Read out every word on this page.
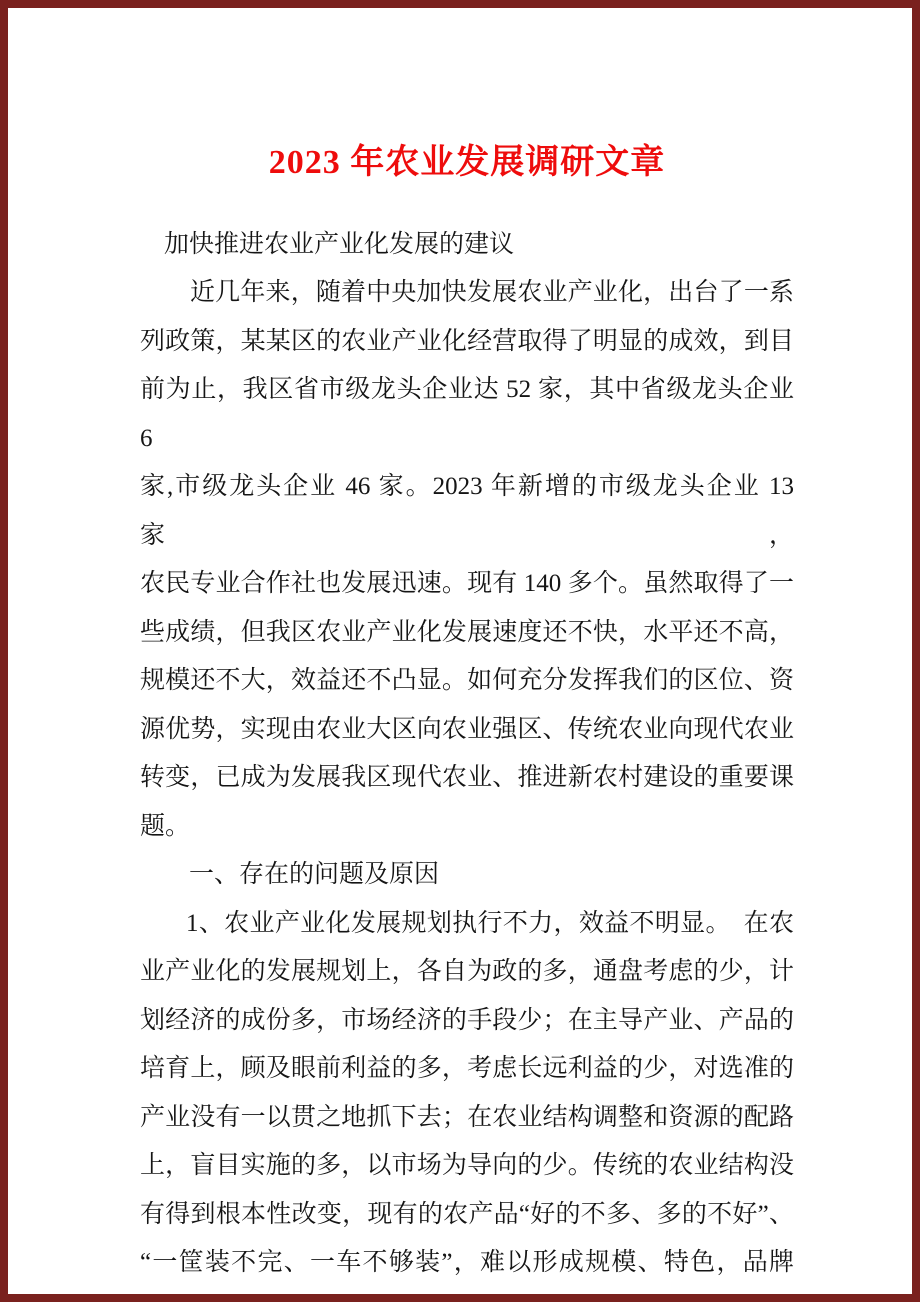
2023 年农业发展调研文章
加快推进农业产业化发展的建议
近几年来，随着中央加快发展农业产业化，出台了一系
列政策，某某区的农业产业化经营取得了明显的成效，到目
前为止，我区省市级龙头企业达 52 家，其中省级龙头企业 6
家,市级龙头企业 46 家。2023 年新增的市级龙头企业 13 家，
农民专业合作社也发展迅速。现有 140 多个。虽然取得了一
些成绩，但我区农业产业化发展速度还不快，水平还不高，
规模还不大，效益还不凸显。如何充分发挥我们的区位、资
源优势，实现由农业大区向农业强区、传统农业向现代农业
转变，已成为发展我区现代农业、推进新农村建设的重要课
题。
一、存在的问题及原因
1、农业产业化发展规划执行不力，效益不明显。　在农
业产业化的发展规划上，各自为政的多，通盘考虑的少，计
划经济的成份多，市场经济的手段少；在主导产业、产品的
培育上，顾及眼前利益的多，考虑长远利益的少，对选准的
产业没有一以贯之地抓下去；在农业结构调整和资源的配路
上，盲目实施的多，以市场为导向的少。传统的农业结构没
有得到根本性改变，现有的农产品“好的不多、多的不好”、
“一筐装不完、一车不够装”，难以形成规模、特色，品牌
